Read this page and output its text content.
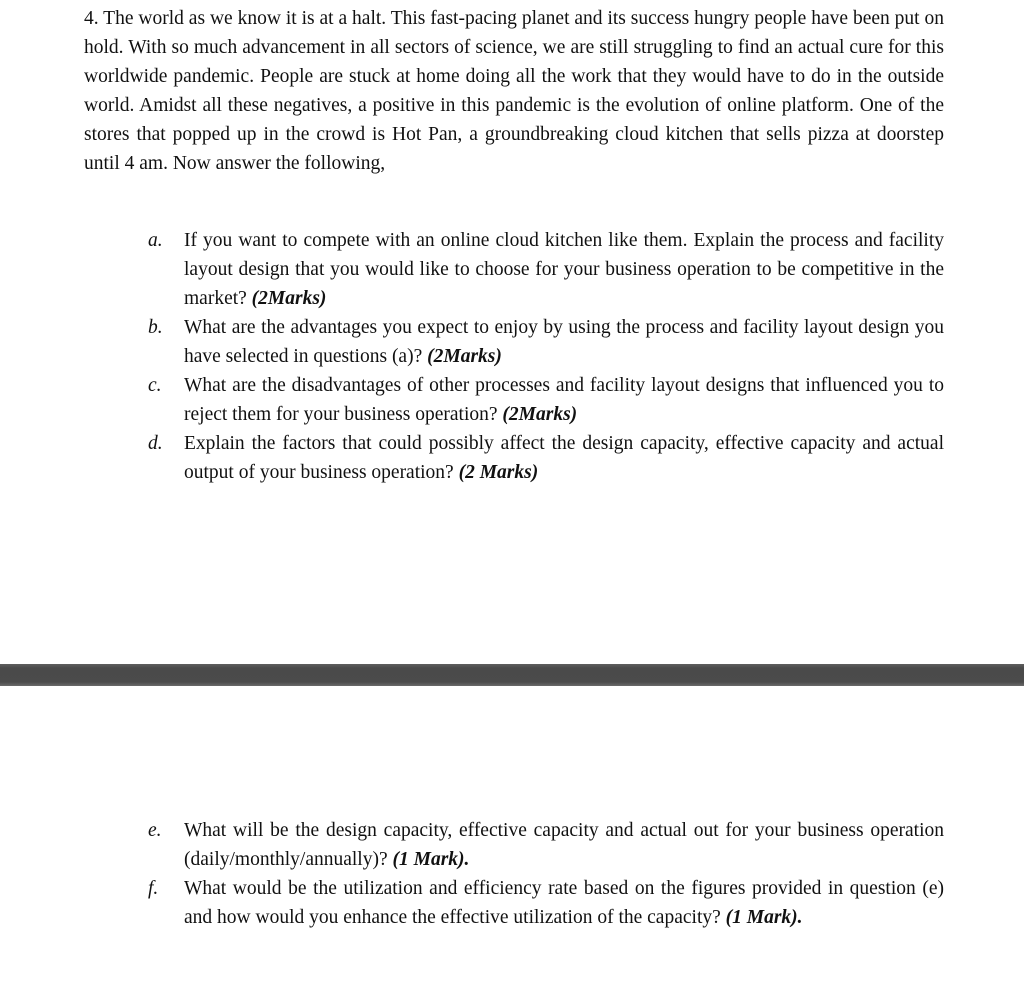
4. The world as we know it is at a halt. This fast-pacing planet and its success hungry people have been put on hold. With so much advancement in all sectors of science, we are still struggling to find an actual cure for this worldwide pandemic. People are stuck at home doing all the work that they would have to do in the outside world. Amidst all these negatives, a positive in this pandemic is the evolution of online platform. One of the stores that popped up in the crowd is Hot Pan, a groundbreaking cloud kitchen that sells pizza at doorstep until 4 am. Now answer the following,

a. If you want to compete with an online cloud kitchen like them. Explain the process and facility layout design that you would like to choose for your business operation to be competitive in the market? (2Marks)
b. What are the advantages you expect to enjoy by using the process and facility layout design you have selected in questions (a)? (2Marks)
c. What are the disadvantages of other processes and facility layout designs that influenced you to reject them for your business operation? (2Marks)
d. Explain the factors that could possibly affect the design capacity, effective capacity and actual output of your business operation? (2 Marks)
e. What will be the design capacity, effective capacity and actual out for your business operation (daily/monthly/annually)? (1 Mark).
f. What would be the utilization and efficiency rate based on the figures provided in question (e) and how would you enhance the effective utilization of the capacity? (1 Mark).
